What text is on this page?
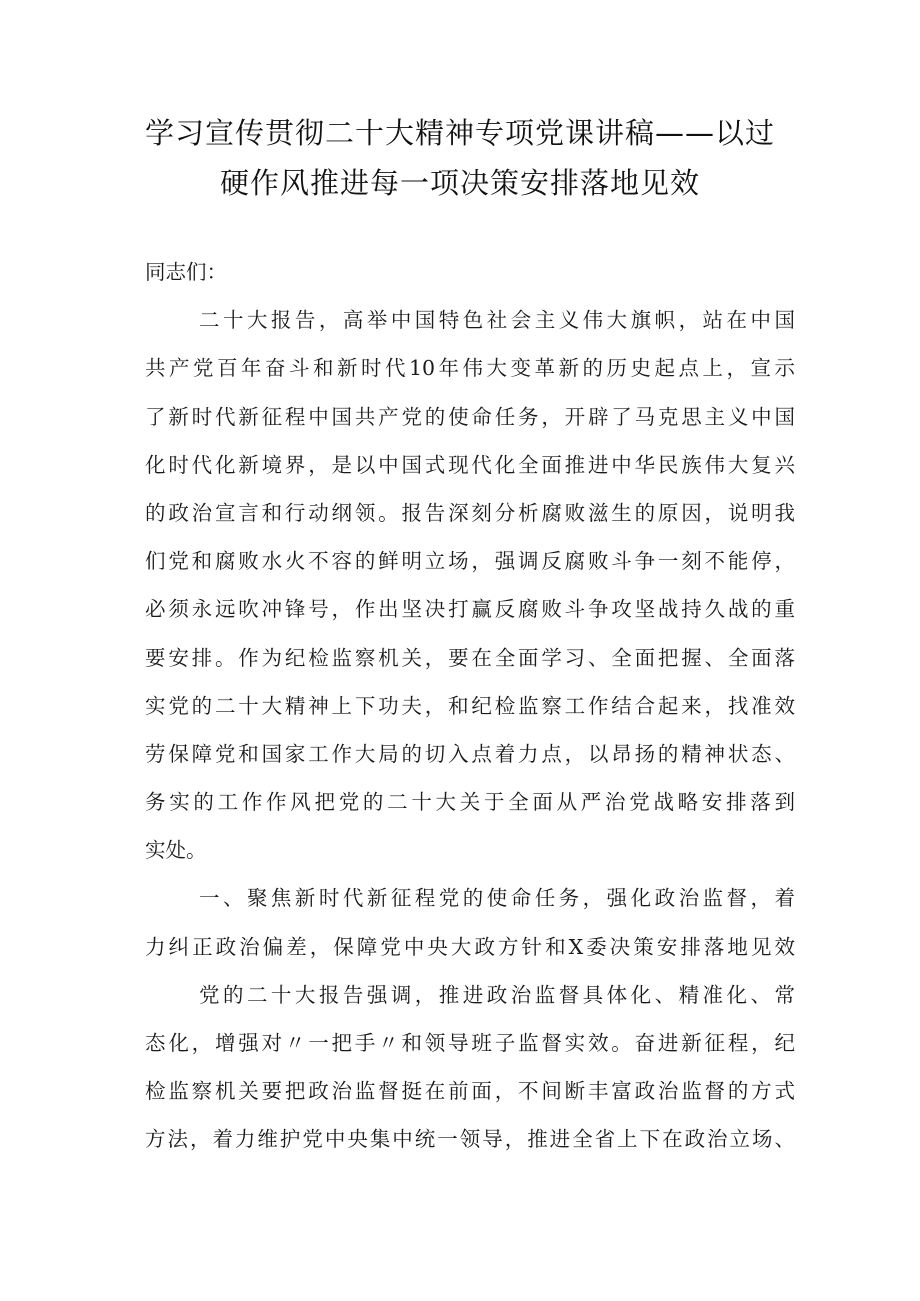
学习宣传贯彻二十大精神专项党课讲稿——以过
硬作风推进每一项决策安排落地见效
同志们：
二十大报告，高举中国特色社会主义伟大旗帜，站在中国
共产党百年奋斗和新时代10年伟大变革新的历史起点上，宣示
了新时代新征程中国共产党的使命任务，开辟了马克思主义中国
化时代化新境界，是以中国式现代化全面推进中华民族伟大复兴
的政治宣言和行动纲领。报告深刻分析腐败滋生的原因，说明我
们党和腐败水火不容的鲜明立场，强调反腐败斗争一刻不能停，
必须永远吹冲锋号，作出坚决打赢反腐败斗争攻坚战持久战的重
要安排。作为纪检监察机关，要在全面学习、全面把握、全面落
实党的二十大精神上下功夫，和纪检监察工作结合起来，找准效
劳保障党和国家工作大局的切入点着力点，以昂扬的精神状态、
务实的工作作风把党的二十大关于全面从严治党战略安排落到
实处。
一、聚焦新时代新征程党的使命任务，强化政治监督，着
力纠正政治偏差，保障党中央大政方针和X委决策安排落地见效
党的二十大报告强调，推进政治监督具体化、精准化、常
态化，增强对〃一把手〃和领导班子监督实效。奋进新征程，纪
检监察机关要把政治监督挺在前面，不间断丰富政治监督的方式
方法，着力维护党中央集中统一领导，推进全省上下在政治立场、
